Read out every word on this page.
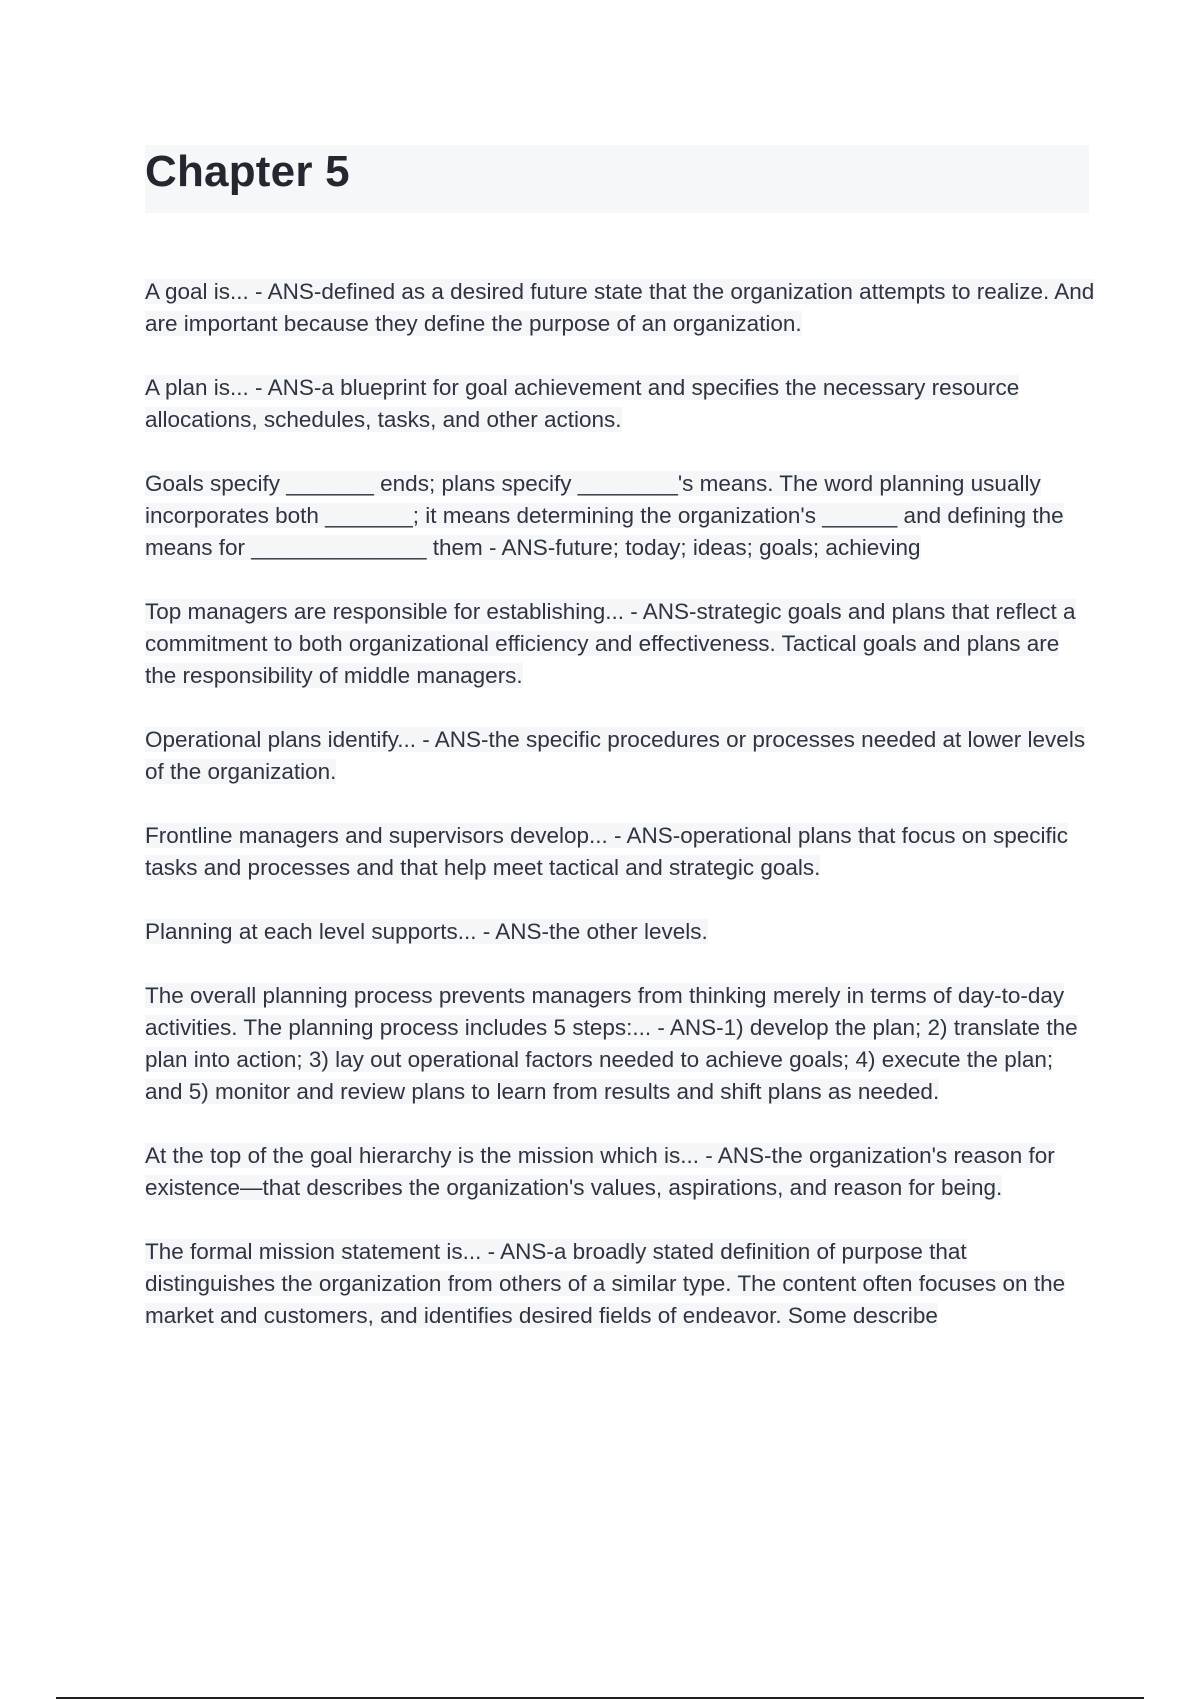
Chapter 5

A goal is... - ANS-defined as a desired future state that the organization attempts to realize. And are important because they define the purpose of an organization.

A plan is... - ANS-a blueprint for goal achievement and specifies the necessary resource allocations, schedules, tasks, and other actions.

Goals specify _______ ends; plans specify ________'s means. The word planning usually incorporates both _______; it means determining the organization's ______ and defining the means for ______________ them - ANS-future; today; ideas; goals; achieving

Top managers are responsible for establishing... - ANS-strategic goals and plans that reflect a commitment to both organizational efficiency and effectiveness. Tactical goals and plans are the responsibility of middle managers.

Operational plans identify... - ANS-the specific procedures or processes needed at lower levels of the organization.

Frontline managers and supervisors develop... - ANS-operational plans that focus on specific tasks and processes and that help meet tactical and strategic goals.

Planning at each level supports... - ANS-the other levels.

The overall planning process prevents managers from thinking merely in terms of day-to-day activities. The planning process includes 5 steps:... - ANS-1) develop the plan; 2) translate the plan into action; 3) lay out operational factors needed to achieve goals; 4) execute the plan; and 5) monitor and review plans to learn from results and shift plans as needed.

At the top of the goal hierarchy is the mission which is... - ANS-the organization's reason for existence—that describes the organization's values, aspirations, and reason for being.

The formal mission statement is... - ANS-a broadly stated definition of purpose that distinguishes the organization from others of a similar type. The content often focuses on the market and customers, and identifies desired fields of endeavor. Some describe
